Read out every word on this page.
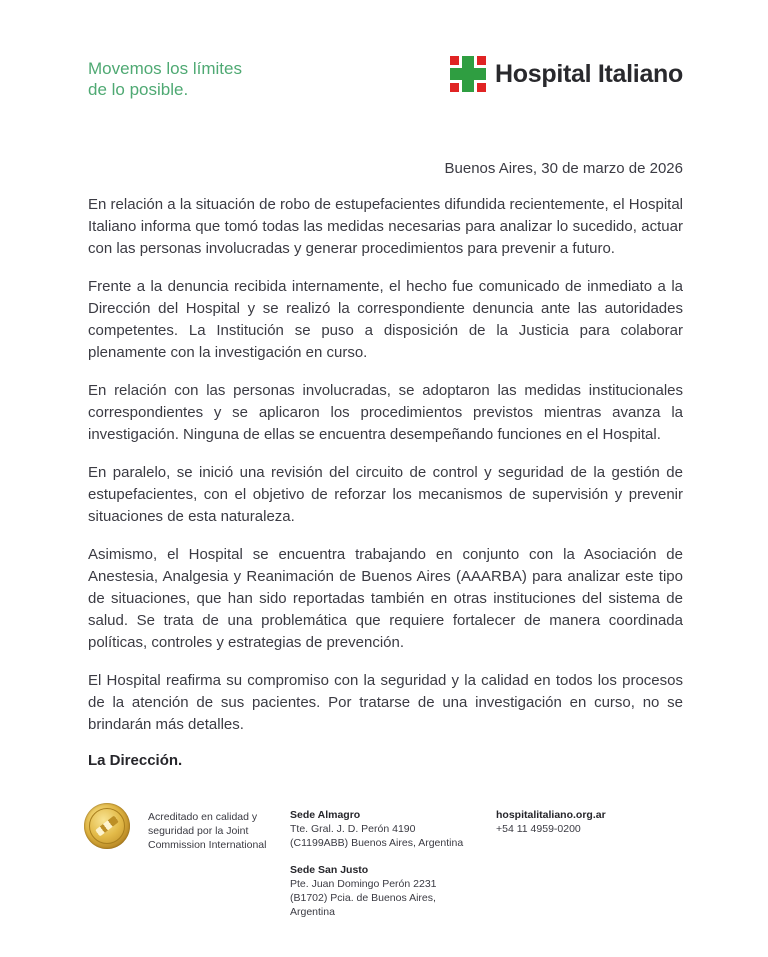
Movemos los límites
de lo posible.
Hospital Italiano
Buenos Aires, 30 de marzo de 2026

En relación a la situación de robo de estupefacientes difundida recientemente, el Hospital Italiano informa que tomó todas las medidas necesarias para analizar lo sucedido, actuar con las personas involucradas y generar procedimientos para prevenir a futuro.

Frente a la denuncia recibida internamente, el hecho fue comunicado de inmediato a la Dirección del Hospital y se realizó la correspondiente denuncia ante las autoridades competentes. La Institución se puso a disposición de la Justicia para colaborar plenamente con la investigación en curso.

En relación con las personas involucradas, se adoptaron las medidas institucionales correspondientes y se aplicaron los procedimientos previstos mientras avanza la investigación. Ninguna de ellas se encuentra desempeñando funciones en el Hospital.

En paralelo, se inició una revisión del circuito de control y seguridad de la gestión de estupefacientes, con el objetivo de reforzar los mecanismos de supervisión y prevenir situaciones de esta naturaleza.

Asimismo, el Hospital se encuentra trabajando en conjunto con la Asociación de Anestesia, Analgesia y Reanimación de Buenos Aires (AAARBA) para analizar este tipo de situaciones, que han sido reportadas también en otras instituciones del sistema de salud. Se trata de una problemática que requiere fortalecer de manera coordinada políticas, controles y estrategias de prevención.

El Hospital reafirma su compromiso con la seguridad y la calidad en todos los procesos de la atención de sus pacientes. Por tratarse de una investigación en curso, no se brindarán más detalles.

La Dirección.
Acreditado en calidad y seguridad por la Joint Commission International
Sede Almagro
Tte. Gral. J. D. Perón 4190
(C1199ABB) Buenos Aires, Argentina
Sede San Justo
Pte. Juan Domingo Perón 2231
(B1702) Pcia. de Buenos Aires, Argentina
hospitalitaliano.org.ar
+54 11 4959-0200
